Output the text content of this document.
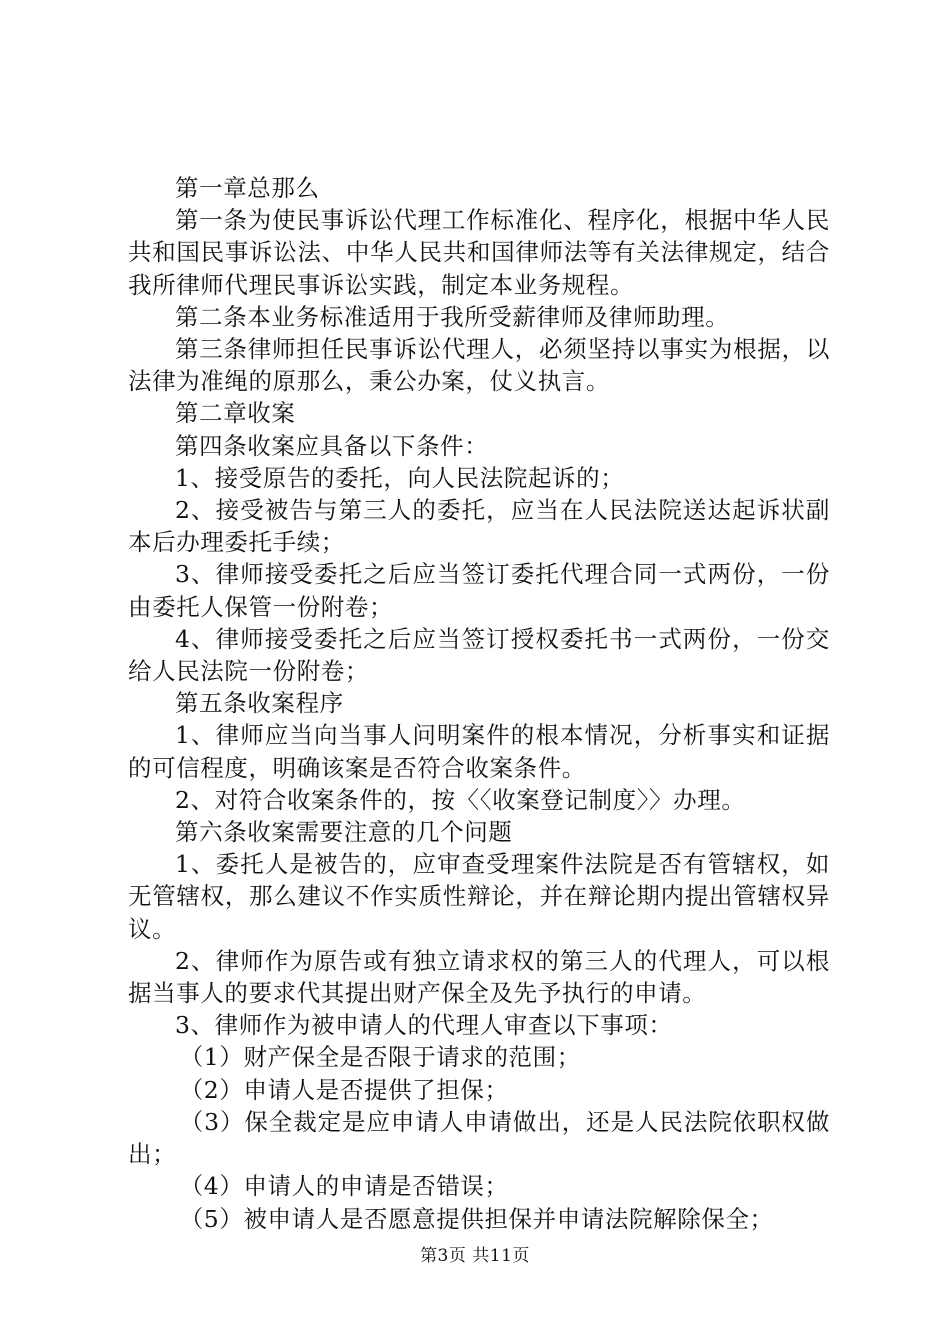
第一章总那么

第一条为使民事诉讼代理工作标准化、程序化，根据中华人民共和国民事诉讼法、中华人民共和国律师法等有关法律规定，结合我所律师代理民事诉讼实践，制定本业务规程。

第二条本业务标准适用于我所受薪律师及律师助理。

第三条律师担任民事诉讼代理人，必须坚持以事实为根据，以法律为准绳的原那么，秉公办案，仗义执言。

第二章收案

第四条收案应具备以下条件：

1、接受原告的委托，向人民法院起诉的；

2、接受被告与第三人的委托，应当在人民法院送达起诉状副本后办理委托手续；

3、律师接受委托之后应当签订委托代理合同一式两份，一份由委托人保管一份附卷；

4、律师接受委托之后应当签订授权委托书一式两份，一份交给人民法院一份附卷；

第五条收案程序

1、律师应当向当事人问明案件的根本情况，分析事实和证据的可信程度，明确该案是否符合收案条件。

2、对符合收案条件的，按〈〈收案登记制度〉〉办理。

第六条收案需要注意的几个问题

1、委托人是被告的，应审查受理案件法院是否有管辖权，如无管辖权，那么建议不作实质性辩论，并在辩论期内提出管辖权异议。

2、律师作为原告或有独立请求权的第三人的代理人，可以根据当事人的要求代其提出财产保全及先予执行的申请。

3、律师作为被申请人的代理人审查以下事项：

（1）财产保全是否限于请求的范围；

（2）申请人是否提供了担保；

（3）保全裁定是应申请人申请做出，还是人民法院依职权做出；

（4）申请人的申请是否错误；

（5）被申请人是否愿意提供担保并申请法院解除保全；

第3页 共11页
